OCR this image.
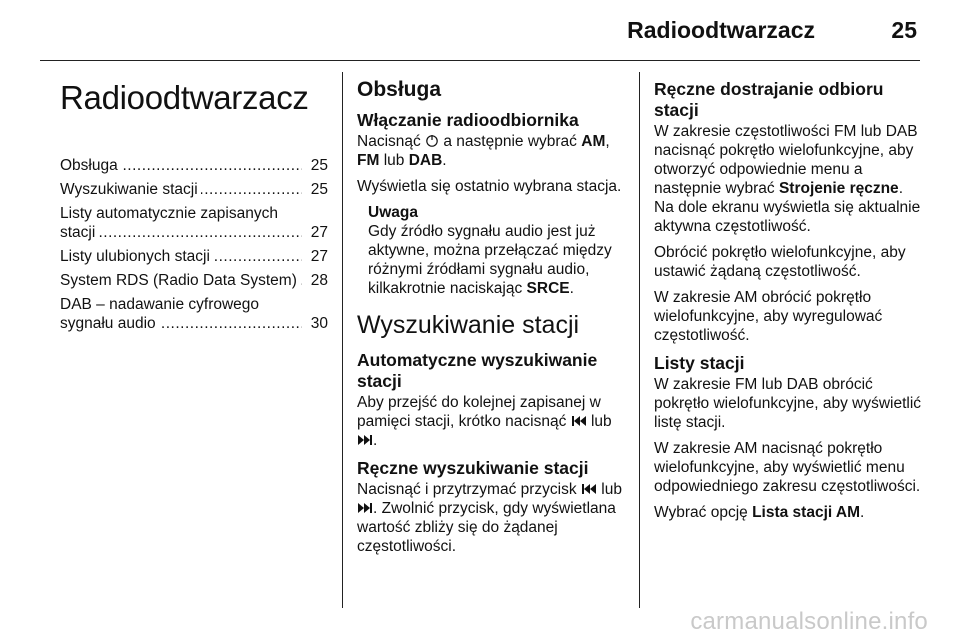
Radioodtwarzacz	25
Radioodtwarzacz
Obsługa .....	25
Wyszukiwanie stacji .....	25
Listy automatycznie zapisanych stacji .....	27
Listy ulubionych stacji .....	27
System RDS (Radio Data System) ..... 28
DAB – nadawanie cyfrowego sygnału audio .....	30
Obsługa
Włączanie radioodbiornika

Nacisnąć a następnie wybrać AM, FM lub DAB.

Wyświetla się ostatnio wybrana stacja.

Uwaga
Gdy źródło sygnału audio jest już aktywne, można przełączać między różnymi źródłami sygnału audio, kilkakrotnie naciskając SRCE.
Wyszukiwanie stacji
Automatyczne wyszukiwanie stacji

Aby przejść do kolejnej zapisanej w pamięci stacji, krótko nacisnąć lub .

Ręczne wyszukiwanie stacji

Nacisnąć i przytrzymać przycisk lub . Zwolnić przycisk, gdy wyświetlana wartość zbliży się do żądanej częstotliwości.

Ręczne dostrajanie odbioru stacji

W zakresie częstotliwości FM lub DAB nacisnąć pokrętło wielofunkcyjne, aby otworzyć odpowiednie menu a następnie wybrać Strojenie ręczne. Na dole ekranu wyświetla się aktualnie aktywna częstotliwość.

Obrócić pokrętło wielofunkcyjne, aby ustawić żądaną częstotliwość.

W zakresie AM obrócić pokrętło wielofunkcyjne, aby wyregulować częstotliwość.

Listy stacji

W zakresie FM lub DAB obrócić pokrętło wielofunkcyjne, aby wyświetlić listę stacji.

W zakresie AM nacisnąć pokrętło wielofunkcyjne, aby wyświetlić menu odpowiedniego zakresu częstotliwości.

Wybrać opcję Lista stacji AM.

carmanualsonline.info
